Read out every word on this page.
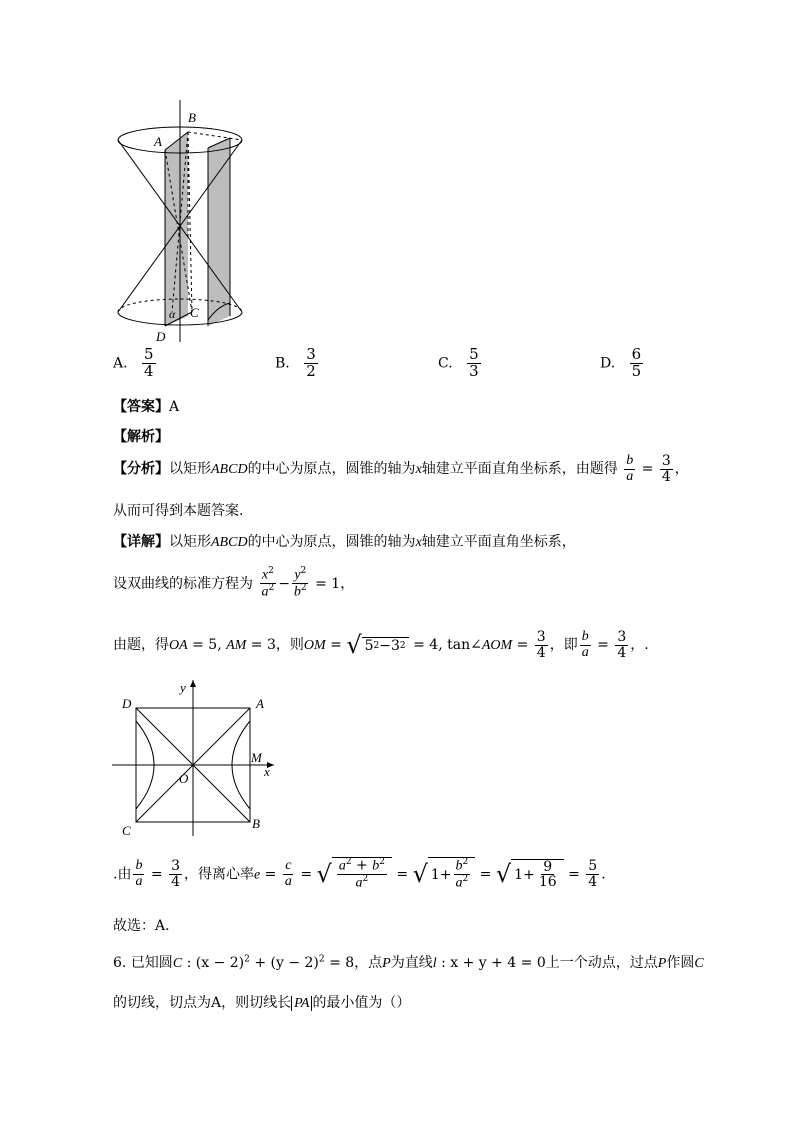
A
B
α C
D
A. $\frac{5}{4}$	B. $\frac{3}{2}$	C. $\frac{5}{3}$	D. $\frac{6}{5}$
【答案】A
【解析】
【分析】以矩形ABCD的中心为原点，圆锥的轴为x轴建立平面直角坐标系，由题得 $\frac{b}{a} = \frac{3}{4}$ ，
从而可得到本题答案.
【详解】以矩形ABCD的中心为原点，圆锥的轴为x轴建立平面直角坐标系，
设双曲线的标准方程为 $\frac{x^2}{a^2} - \frac{y^2}{b^2} = 1$，
由题，得OA = 5, AM = 3，则OM = √ 5 2 − 3 2 = 4, tan∠AOM = $\frac{3}{4}$ ，即 $\frac{b}{a} = \frac{3}{4}$ ，.
y
D	A
M
x
O
C	B
.由 $\frac{b}{a} = \frac{3}{4}$ ，得离心率$e = \frac{c}{a}$ = √ $\frac{a^2 + b^2}{a^2}$ = √ $1+ \frac{b^2}{a^2}$ = √ $1+ \frac{9}{16} = \frac{5}{4}$ .
故选：A.
6. 已知圆C : $(x - 2)^2 + (y - 2)^2 = 8$，点P为直线l : x + y + 4 = 0上一个动点，过点P作圆C
的切线，切点为A，则切线长 PA 的最小值为（）
